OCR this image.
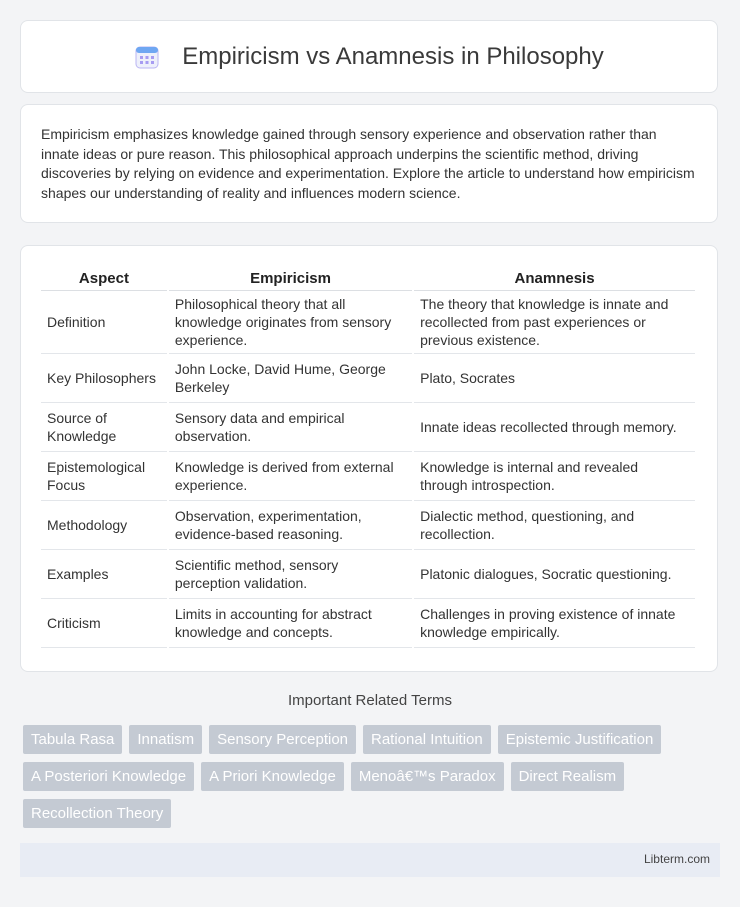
Empiricism vs Anamnesis in Philosophy

Empiricism emphasizes knowledge gained through sensory experience and observation rather than innate ideas or pure reason. This philosophical approach underpins the scientific method, driving discoveries by relying on evidence and experimentation. Explore the article to understand how empiricism shapes our understanding of reality and influences modern science.

Aspect	Empiricism	Anamnesis
Definition	Philosophical theory that all knowledge originates from sensory experience.	The theory that knowledge is innate and recollected from past experiences or previous existence.
Key Philosophers	John Locke, David Hume, George Berkeley	Plato, Socrates
Source of Knowledge	Sensory data and empirical observation.	Innate ideas recollected through memory.
Epistemological Focus	Knowledge is derived from external experience.	Knowledge is internal and revealed through introspection.
Methodology	Observation, experimentation, evidence-based reasoning.	Dialectic method, questioning, and recollection.
Examples	Scientific method, sensory perception validation.	Platonic dialogues, Socratic questioning.
Criticism	Limits in accounting for abstract knowledge and concepts.	Challenges in proving existence of innate knowledge empirically.
Important Related Terms
Tabula Rasa	Innatism	Sensory Perception	Rational Intuition	Epistemic Justification
A Posteriori Knowledge	A Priori Knowledge	Menoâ€™s Paradox	Direct Realism
Recollection Theory
Libterm.com
